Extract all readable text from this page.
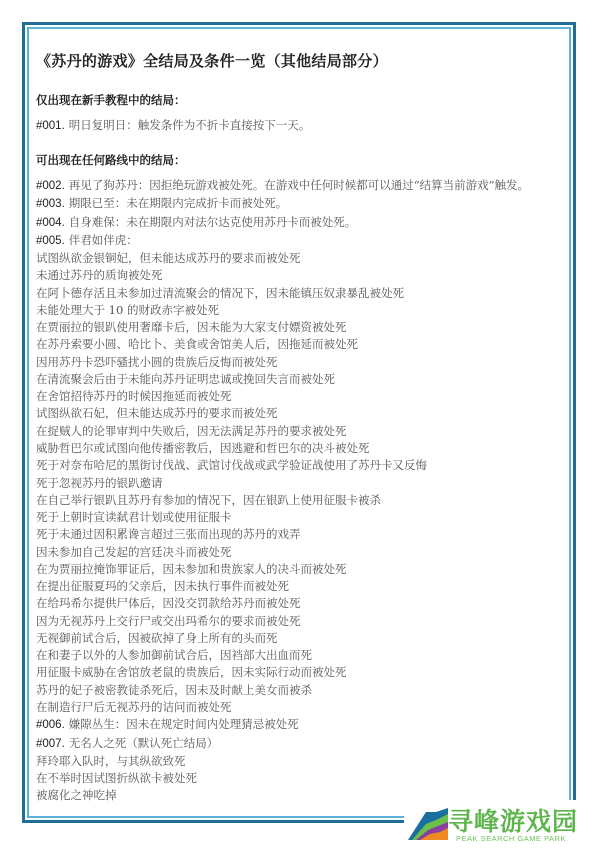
《苏丹的游戏》全结局及条件一览（其他结局部分）
仅出现在新手教程中的结局：
#001. 明日复明日：触发条件为不折卡直接按下一天。
可出现在任何路线中的结局：
#002. 再见了狗苏丹：因拒绝玩游戏被处死。在游戏中任何时候都可以通过“结算当前游戏”触发。
#003. 期限已至：未在期限内完成折卡而被处死。
#004. 自身难保：未在期限内对法尔达克使用苏丹卡而被处死。
#005. 伴君如伴虎：
试图纵欲金银铜妃，但未能达成苏丹的要求而被处死
未通过苏丹的质询被处死
在阿卜德存活且未参加过清流聚会的情况下，因未能镇压奴隶暴乱被处死
未能处理大于 10 的财政赤字被处死
在贾丽拉的银趴使用奢靡卡后，因未能为大家支付嫖资被处死
在苏丹索要小圆、哈比卜、美食或舍馆美人后，因拖延而被处死
因用苏丹卡恐吓骚扰小圆的贵族后反悔而被处死
在清流聚会后由于未能向苏丹证明忠诚或挽回失言而被处死
在舍馆招待苏丹的时候因拖延而被处死
试图纵欲石妃，但未能达成苏丹的要求而被处死
在捉贼人的论罪审判中失败后，因无法满足苏丹的要求被处死
威胁哲巴尔或试图向他传播密教后，因逃避和哲巴尔的决斗被处死
死于对奈布哈尼的黑街讨伐战、武馆讨伐战或武学验证战使用了苏丹卡又反悔
死于忽视苏丹的银趴邀请
在自己举行银趴且苏丹有参加的情况下，因在银趴上使用征服卡被杀
死于上朝时宣读弑君计划或使用征服卡
死于未通过因积累谗言超过三张而出现的苏丹的戏弄
因未参加自己发起的宫廷决斗而被处死
在为贾丽拉掩饰罪证后，因未参加和贵族家人的决斗而被处死
在提出征服夏玛的父亲后，因未执行事件而被处死
在给玛希尔提供尸体后，因没交罚款给苏丹而被处死
因为无视苏丹上交行尸或交出玛希尔的要求而被处死
无视御前试合后，因被砍掉了身上所有的头而死
在和妻子以外的人参加御前试合后，因裆部大出血而死
用征服卡威胁在舍馆放老鼠的贵族后，因未实际行动而被处死
苏丹的妃子被密教徒杀死后，因未及时献上美女而被杀
在制造行尸后无视苏丹的诘问而被处死
#006. 嫌隙丛生：因未在规定时间内处理猜忌被处死
#007. 无名人之死（默认死亡结局）
拜玲耶入队时，与其纵欲致死
在不举时因试图折纵欲卡被处死
被腐化之神吃掉
寻峰游戏园
PEAK SEARCH GAME PARK
